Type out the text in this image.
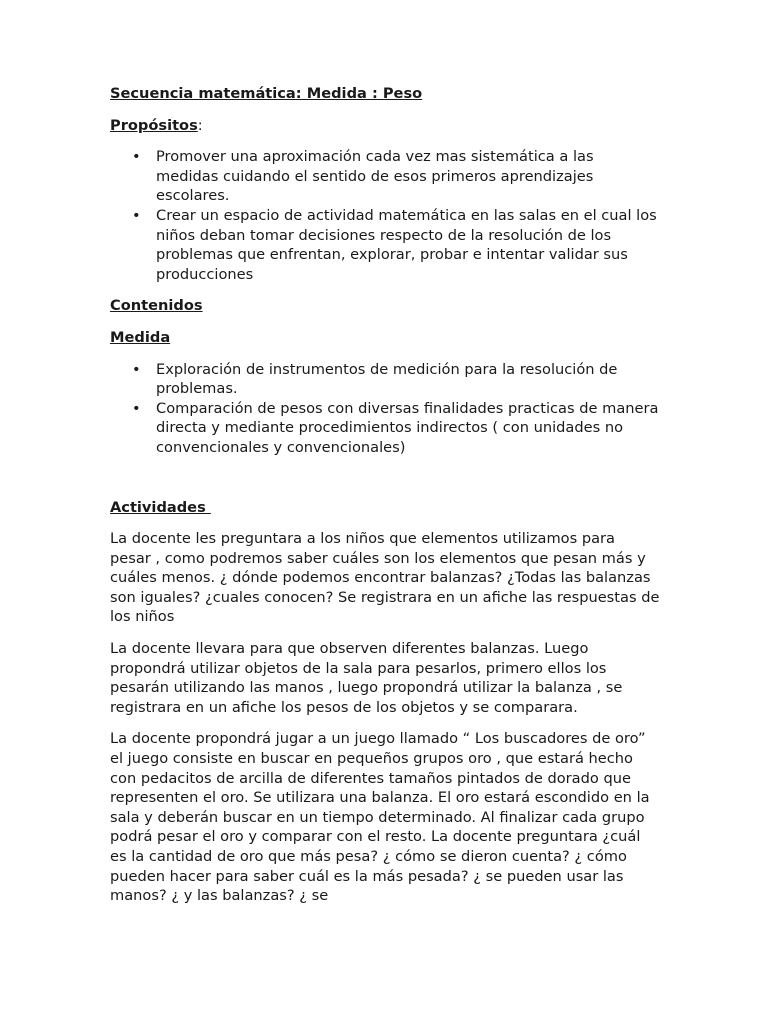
Secuencia matemática: Medida : Peso
Propósitos:
• Promover una aproximación cada vez mas sistemática a las medidas cuidando el sentido de esos primeros aprendizajes escolares.
• Crear un espacio de actividad matemática en las salas en el cual los niños deban tomar decisiones respecto de la resolución de los problemas que enfrentan, explorar, probar e intentar validar sus producciones
Contenidos
Medida
• Exploración de instrumentos de medición para la resolución de problemas.
• Comparación de pesos con diversas finalidades practicas de manera directa y mediante procedimientos indirectos ( con unidades no convencionales y convencionales)
Actividades

La docente les preguntara a los niños que elementos utilizamos para pesar , como podremos saber cuáles son los elementos que pesan más y cuáles menos. ¿ dónde podemos encontrar balanzas? ¿Todas las balanzas son iguales? ¿cuales conocen? Se registrara en un afiche las respuestas de los niños

La docente llevara para que observen diferentes balanzas. Luego propondrá utilizar objetos de la sala para pesarlos, primero ellos los pesarán utilizando las manos , luego propondrá utilizar la balanza , se registrara en un afiche los pesos de los objetos y se comparara.

La docente propondrá jugar a un juego llamado “ Los buscadores de oro” el juego consiste en buscar en pequeños grupos oro , que estará hecho con pedacitos de arcilla de diferentes tamaños pintados de dorado que representen el oro. Se utilizara una balanza. El oro estará escondido en la sala y deberán buscar en un tiempo determinado. Al finalizar cada grupo podrá pesar el oro y comparar con el resto. La docente preguntara ¿cuál es la cantidad de oro que más pesa? ¿ cómo se dieron cuenta? ¿ cómo pueden hacer para saber cuál es la más pesada? ¿ se pueden usar las manos? ¿ y las balanzas? ¿ se
